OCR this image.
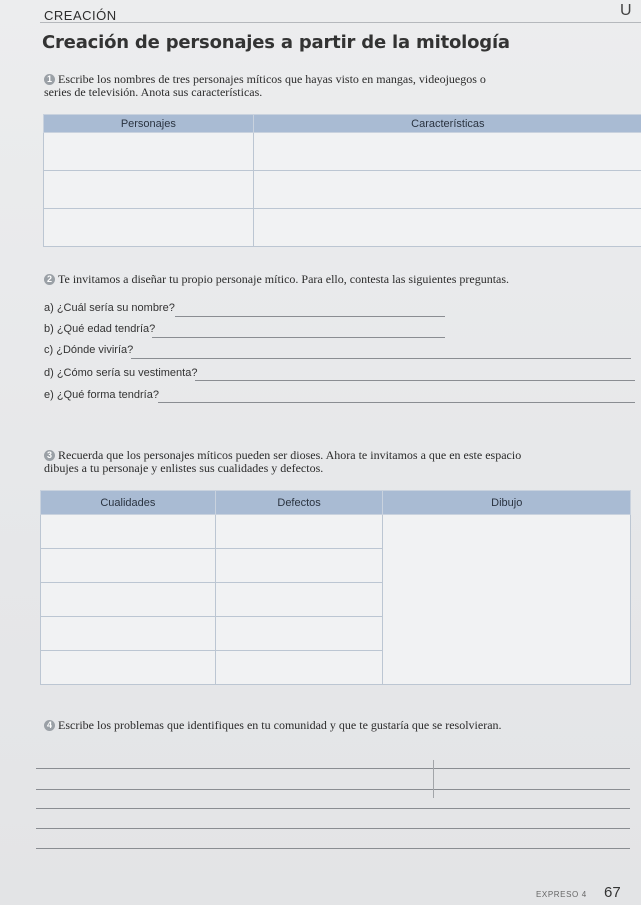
CREACIÓN	U
Creación de personajes a partir de la mitología
1 Escribe los nombres de tres personajes míticos que hayas visto en mangas, videojuegos o series de televisión. Anota sus características.
Personajes	Características

2 Te invitamos a diseñar tu propio personaje mítico. Para ello, contesta las siguientes preguntas.
a) ¿Cuál sería su nombre?
b) ¿Qué edad tendría?
c) ¿Dónde viviría?
d) ¿Cómo sería su vestimenta?
e) ¿Qué forma tendría?
3 Recuerda que los personajes míticos pueden ser dioses. Ahora te invitamos a que en este espacio dibujes a tu personaje y enlistes sus cualidades y defectos.
Cualidades	Defectos	Dibujo

4 Escribe los problemas que identifiques en tu comunidad y que te gustaría que se resolvieran.
EXPRESO 4 67
